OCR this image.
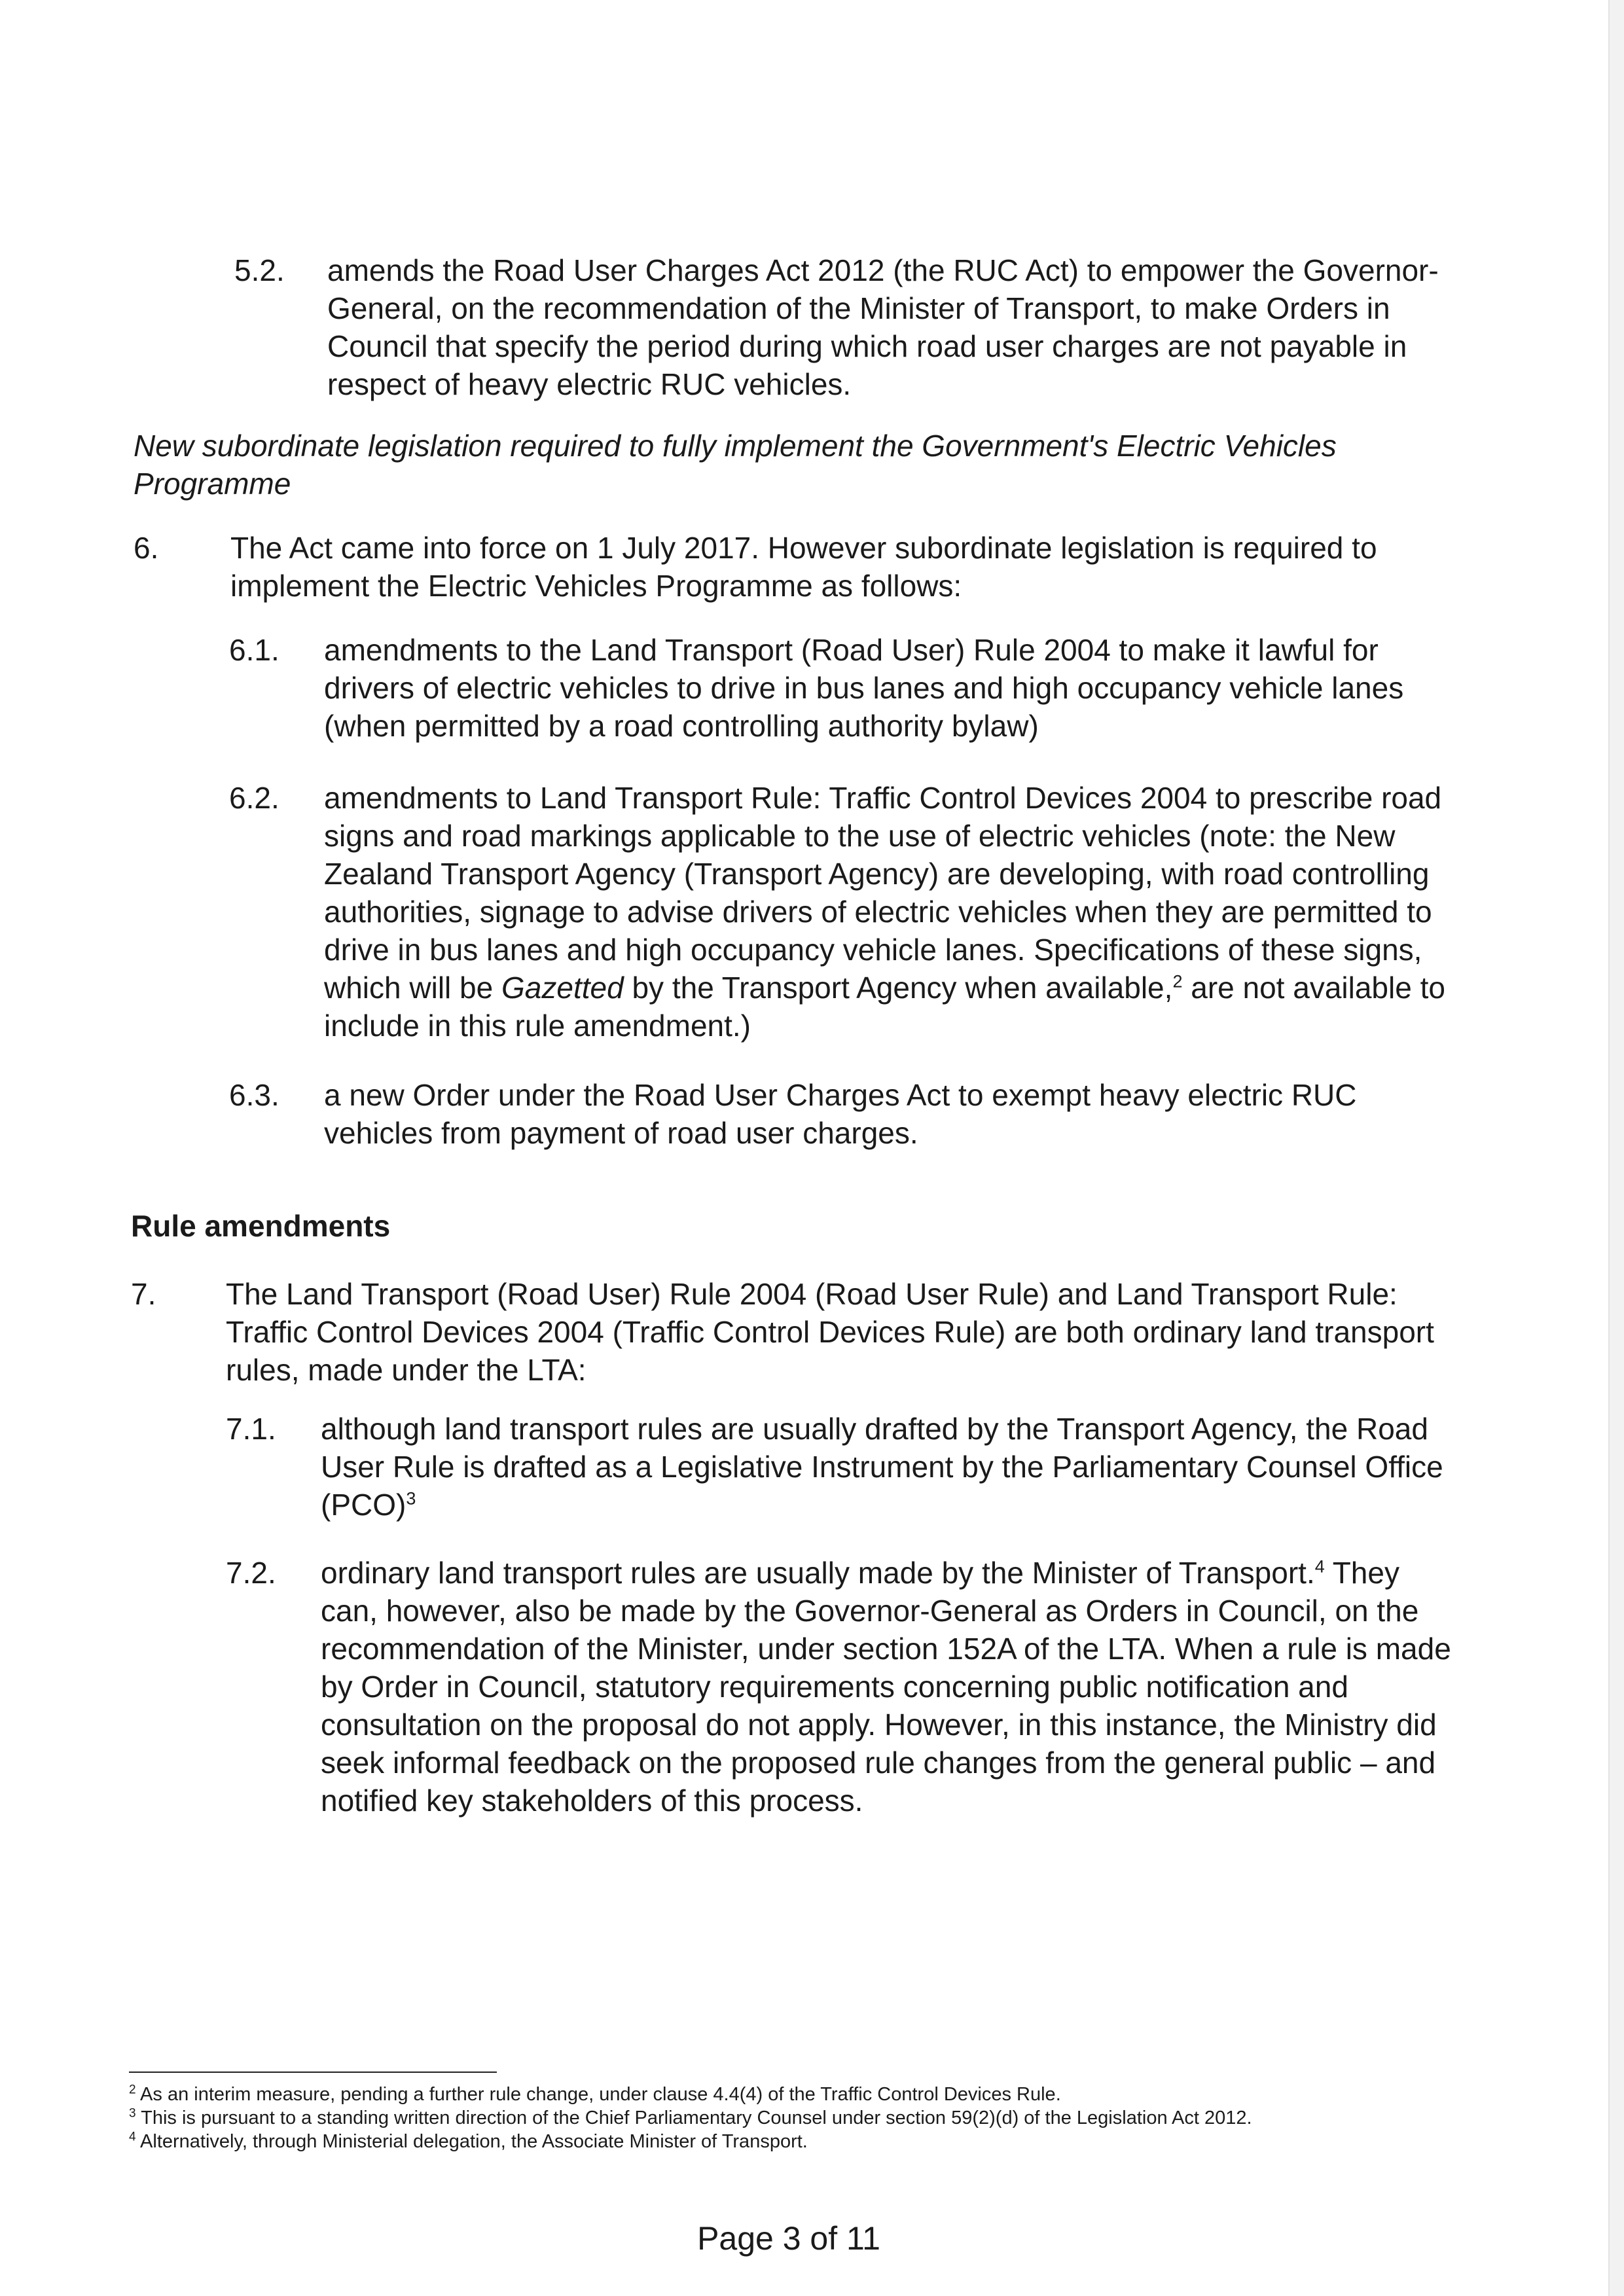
5.2. amends the Road User Charges Act 2012 (the RUC Act) to empower the Governor-General, on the recommendation of the Minister of Transport, to make Orders in Council that specify the period during which road user charges are not payable in respect of heavy electric RUC vehicles.
New subordinate legislation required to fully implement the Government's Electric Vehicles Programme
6. The Act came into force on 1 July 2017. However subordinate legislation is required to implement the Electric Vehicles Programme as follows:
6.1. amendments to the Land Transport (Road User) Rule 2004 to make it lawful for drivers of electric vehicles to drive in bus lanes and high occupancy vehicle lanes (when permitted by a road controlling authority bylaw)
6.2. amendments to Land Transport Rule: Traffic Control Devices 2004 to prescribe road signs and road markings applicable to the use of electric vehicles (note: the New Zealand Transport Agency (Transport Agency) are developing, with road controlling authorities, signage to advise drivers of electric vehicles when they are permitted to drive in bus lanes and high occupancy vehicle lanes. Specifications of these signs, which will be Gazetted by the Transport Agency when available,$^2$ are not available to include in this rule amendment.)
6.3. a new Order under the Road User Charges Act to exempt heavy electric RUC vehicles from payment of road user charges.
Rule amendments
7. The Land Transport (Road User) Rule 2004 (Road User Rule) and Land Transport Rule: Traffic Control Devices 2004 (Traffic Control Devices Rule) are both ordinary land transport rules, made under the LTA:
7.1. although land transport rules are usually drafted by the Transport Agency, the Road User Rule is drafted as a Legislative Instrument by the Parliamentary Counsel Office (PCO)$^3$
7.2. ordinary land transport rules are usually made by the Minister of Transport.$^4$ They can, however, also be made by the Governor-General as Orders in Council, on the recommendation of the Minister, under section 152A of the LTA. When a rule is made by Order in Council, statutory requirements concerning public notification and consultation on the proposal do not apply. However, in this instance, the Ministry did seek informal feedback on the proposed rule changes from the general public – and notified key stakeholders of this process.
$^2$ As an interim measure, pending a further rule change, under clause 4.4(4) of the Traffic Control Devices Rule.
$^3$ This is pursuant to a standing written direction of the Chief Parliamentary Counsel under section 59(2)(d) of the Legislation Act 2012.
$^4$ Alternatively, through Ministerial delegation, the Associate Minister of Transport.
Page 3 of 11
